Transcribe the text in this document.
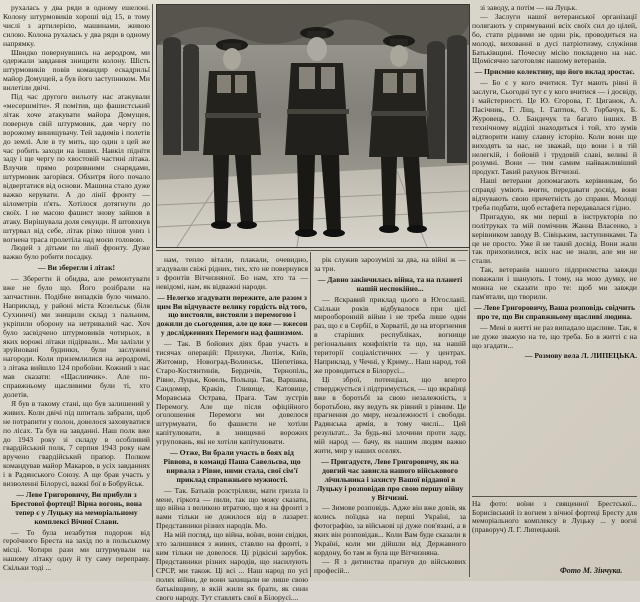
рухалась у два ряди в одному ешелоні. Колону штурмовиків хороші від 15, в тому числі з артилерією, машинами, живою силою. Колона рухалась у два ряди в одному напрямку.

Швидко повернувшись на аеродром, ми одержали завдання знищити колону. Шість штурмовиків повів командир ескадрильї майор Домущей, а був його заступником. Ми вилетіли двічі.

Під час другого вильоту нас атакували «месершміти». Я помітив, що фашистський літак хоче атакувати майора Домущея, повернув свій штурмовик, дав чергу по ворожому винищувачу. Тей задимів і полетів до землі. Але в ту мить, що один з цей же час робить заходи на інших. Навкіл піднітя заду і ще чергу по хвостовій частині літака. Влучив прямо розривними снарядами, штурмовик загорівся. Обхитря його почало відвертатися від основи. Машина стало дуже важко керувати. А до лінії фронту — кілометрів п'ять. Хотілося дотягнути до своїх. І не масою фашист знову зайшов в атаку. Вирішувала доля секунди. Я штовхнув штурвал від себе, літак різко пішов униз і вогнена траса пролетіла над моєю головою.

Людей з дітьми по лінії фронту. Дуже важко було робити посадку.

— Ви зберегли і літак!

— Зберегти й обидва, але ремонтувати вже не було що. Його розібрали на запчастини. Подібне випадків було чимало. Наприклад, у районі міста Козельськ (біля Сухиничі) ми знищили склад з пальним, укріпили оборону на нетривалий час. Хоч було засвідчено штурмовиків чотирьох, в яких ворожі літаки підірвали... Ми залізли у зруйновані будинки, були заслужені нагороди. Коли приземлилися на аеродромі, з літака вийшло 124 пробоїни. Кожний з нас мав сказати: «Щасливчик». Але по-справжньому щасливими були ті, хто долетів.

Я був в такому стані, що був залишений у живих. Коли двічі під шпиталь забрали, щоб не потрапити у полон, довелося заховуватися по лісах. Та був на завданні. Наш полк вже до 1943 року зі складу в особливий гвардійський полк, 7 серпня 1943 року нам вручено гвардійський прапор. Полком командував майор Макаров, в усіх завданнях і в Радянського Союзу. А ще брав участь у визволенні Білорусі, важкі бої в Бобруйськ.

— Леве Григоровичу, Ви прибули з Брестової фортеці! Вірна вогонь, вона тепер є у Луцьку на меморіальному комплексі Вічної Слави.

— То була незабутня подорож від героїчного Бреста на захід по в польському місці. Чотири рази ми штурмували на нашому літаку одну й ту саму переправу. Скільки тоді ...

нам, тепло вітали, плакали, очевидно, згадували свіжі рідних, тих, хто не повернувся з фронтів Вітчизняної. Бо нам, хто та — невідомі, нам, як відважні народи.

— Нелегко згадувати пережите, але разом з цим Ви відчуваєте велику гордість від того, що вистояли, вистояли з перемогою і дожили до сьогодення, але це вже — вжесон у дослідженнях Перемоги над фашизмом.

— Так. В бойових діях брав участь в тисячах операцій: Прилуки, Лютіж, Київ, Житомир, Новоград-Волинськ, Шепетівка, Старо-Костянтинів, Бердичів, Тернопіль, Рівне, Луцьк, Ковель, Польща. Так, Варшава, Сандомир, Краків, Гливице, Катовице, Моравська Острава, Прага. Там зустрів Перемогу. Але ще після офіційного оголошення Перемоги ми довелося штурмувати, бо фашисти не хотіли капітулювати, в знищенні ворожих угруповань, які не хотіли капітулювати.

— Отже, Ви брали участь в боях від Ріввова, в команді Паша Савельєва, що вирвала з Рівне, ними стала, свої сім'ї приклад справжнього мужності.

— Так. Батьків розстріляли, мати гризла із мене, гіркота — пили, так що можу сказати, що війна з великою втратою, що я на фронті з вами тільки не дожилося від в лазарет. Представники різних народів. Мо.

На мій погляд, що війна, воїни, вони свідки, хто залишився з живих, ставлю на фронті, з ким тільки не довелося. Ці рідкісні зарубок. Представники різних народів, що насилують СРСР, ми також. Ці всі ... Наш народ по усі полях війни, де вони захищали не лише свою батьківщину, в якій жили як брати, як сини свого народу. Тут ставлять свої в Білорусі....

рік служив зарозумілі за два, на війні ж — за три.

— Давно закінчилась війна, та на планеті нашій неспокійно...

— Яскравий приклад цього в Югославії. Скільки років відбувалося при цієї мирооборонній війни і не треба лише один раз, що є в Сербії, в Хорватії, де на вторгнення в старіших республіках, вогнище регіональних конфліктів та що, на нашій території соціалістичних — у центрах. Наприклад, у Чечні, у Криму... Наш народ, той же проводиться в Білорусі...

Ці зброї, потенціал, що вперто стверджується і підтримується, — що вкраїнці вже в боротьбі за свою незалежність, з боротьбою, яку ведуть як рівний з рівним. Це прагнення до миру, незалежності і свободи. Радянська армія, в тому числі... Цей результат... За будь-які злочини проти ладу, мій народ — бачу, як нашим людям важко жити, мир у наших оселях.

— Пригадуєте, Леве Григоровичу, як на довгий час зависла нашого військового лічильника і захисту Вашої відданої в Луцьку і розповідав про свою першу війну у Вітчизні.

— Зимове розповідь. Адже він вже довів, як колись поїздка на перші Україні, за фотографію, за військові ці дуже пов'язані, а в яких він розповідав... Коли Вам буде сказали в Україні, коли ми дійшли від Державного кордону, бо там ж була ще Вітчизняна.

— Я з дитинства прагнув до військових професій...

зі заводу, а потім — на Луцьк.

— Заслуги нашої ветеранської організації полягають у спрямуванні всіх своїх сил до цілей, бо, стати рідними не один рік, проводиться на молоді, вихованні в дусі патріотизму, служіння Батьківщині. Почесну місію покладено на нас. Щомісячно заготовляє нашому ветеранів.

— Приємно колективу, що його вклад зростає.

— Бо є у кого вчитися. Тут мають рівні й заслуги, Сьогодні тут є у кого вчитися — і досвіду, і майстерності. Це Ю. Єгорова, Г. Циганок, А. Пасічник, Г. Ліщ, І. Гаптюк, О. Горбачук, Б. Журовець, О. Бандечук та багато інших. В технічному відділі знаходиться і той, хто зумів відтворити нашу славну історію. Коли вони ще виходять за нас, не зважай, що вони і в тій нелегкій, і бойовій і трудовій славі, великі й розумні. Вони — тим самим найважливіший продукт. Такий рахунок Вітчизні.

Наші ветерани допомагають керівникам, бо справді уміють вчити, передавати досвід, вони відчувають свою причетність до справи. Молоді треба подбати, щоб естафета передавалася гідно.

Пригадую, як ми перші в інструкторів по політруках та мій помічник Жанна Власенко, з керівником заводу В. Сівіцьким, заступниками. Та це не просто. Уже й не такий досвід. Вони жали так прихопилися, всіх нас не знали, але ми не стали.

Так, ветеранів нашого підприємства завжди поважали і шанують. І тому, на мою думку, не можна не сказати про те: щоб ми завжди пам'ятали, що творили.

— Леве Григоровичу, Ваша розповідь свідчить про те, що Ви справжньому щасливі людина.

— Мені в житті не раз випадало щасливе. Так, я не дуже зважую на те, що треба. Бо в житті є на що згадати...

— Розмову вела Л. ЛИПЕЦЬКА.

На фото: воїни з священної Брестської... Борисівський із вогнем з вічної фортеці Бресту для меморіального комплексу в Луцьку ... у вогні (праворуч) Л. Г. Липецький.
Фото М. Зінчука.
